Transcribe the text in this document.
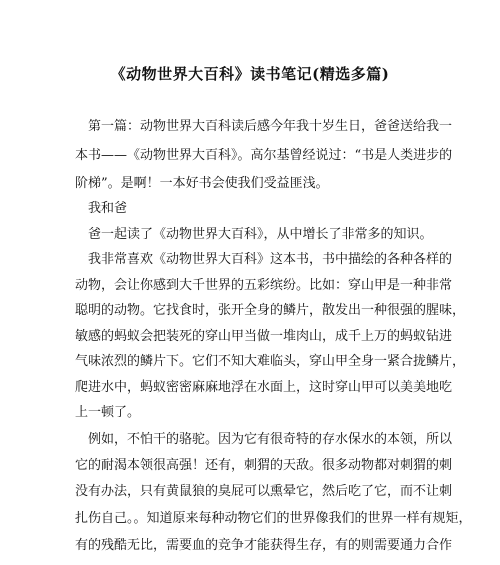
《动物世界大百科》读书笔记(精选多篇)
第一篇：动物世界大百科读后感今年我十岁生日，爸爸送给我一
本书——《动物世界大百科》。高尔基曾经说过：“书是人类进步的
阶梯”。是啊！一本好书会使我们受益匪浅。
我和爸
爸一起读了《动物世界大百科》，从中增长了非常多的知识。
我非常喜欢《动物世界大百科》这本书，书中描绘的各种各样的
动物，会让你感到大千世界的五彩缤纷。比如：穿山甲是一种非常
聪明的动物。它找食时，张开全身的鳞片，散发出一种很强的腥味，
敏感的蚂蚁会把装死的穿山甲当做一堆肉山，成千上万的蚂蚁钻进
气味浓烈的鳞片下。它们不知大难临头，穿山甲全身一紧合拢鳞片，
爬进水中，蚂蚁密密麻麻地浮在水面上，这时穿山甲可以美美地吃
上一顿了。
例如，不怕干的骆驼。因为它有很奇特的存水保水的本领，所以
它的耐渴本领很高强！还有，刺猬的天敌。很多动物都对刺猬的刺
没有办法，只有黄鼠狼的臭屁可以熏晕它，然后吃了它，而不让刺
扎伤自己。。知道原来每种动物它们的世界像我们的世界一样有规矩，
有的残酷无比，需要血的竞争才能获得生存，有的则需要通力合作
